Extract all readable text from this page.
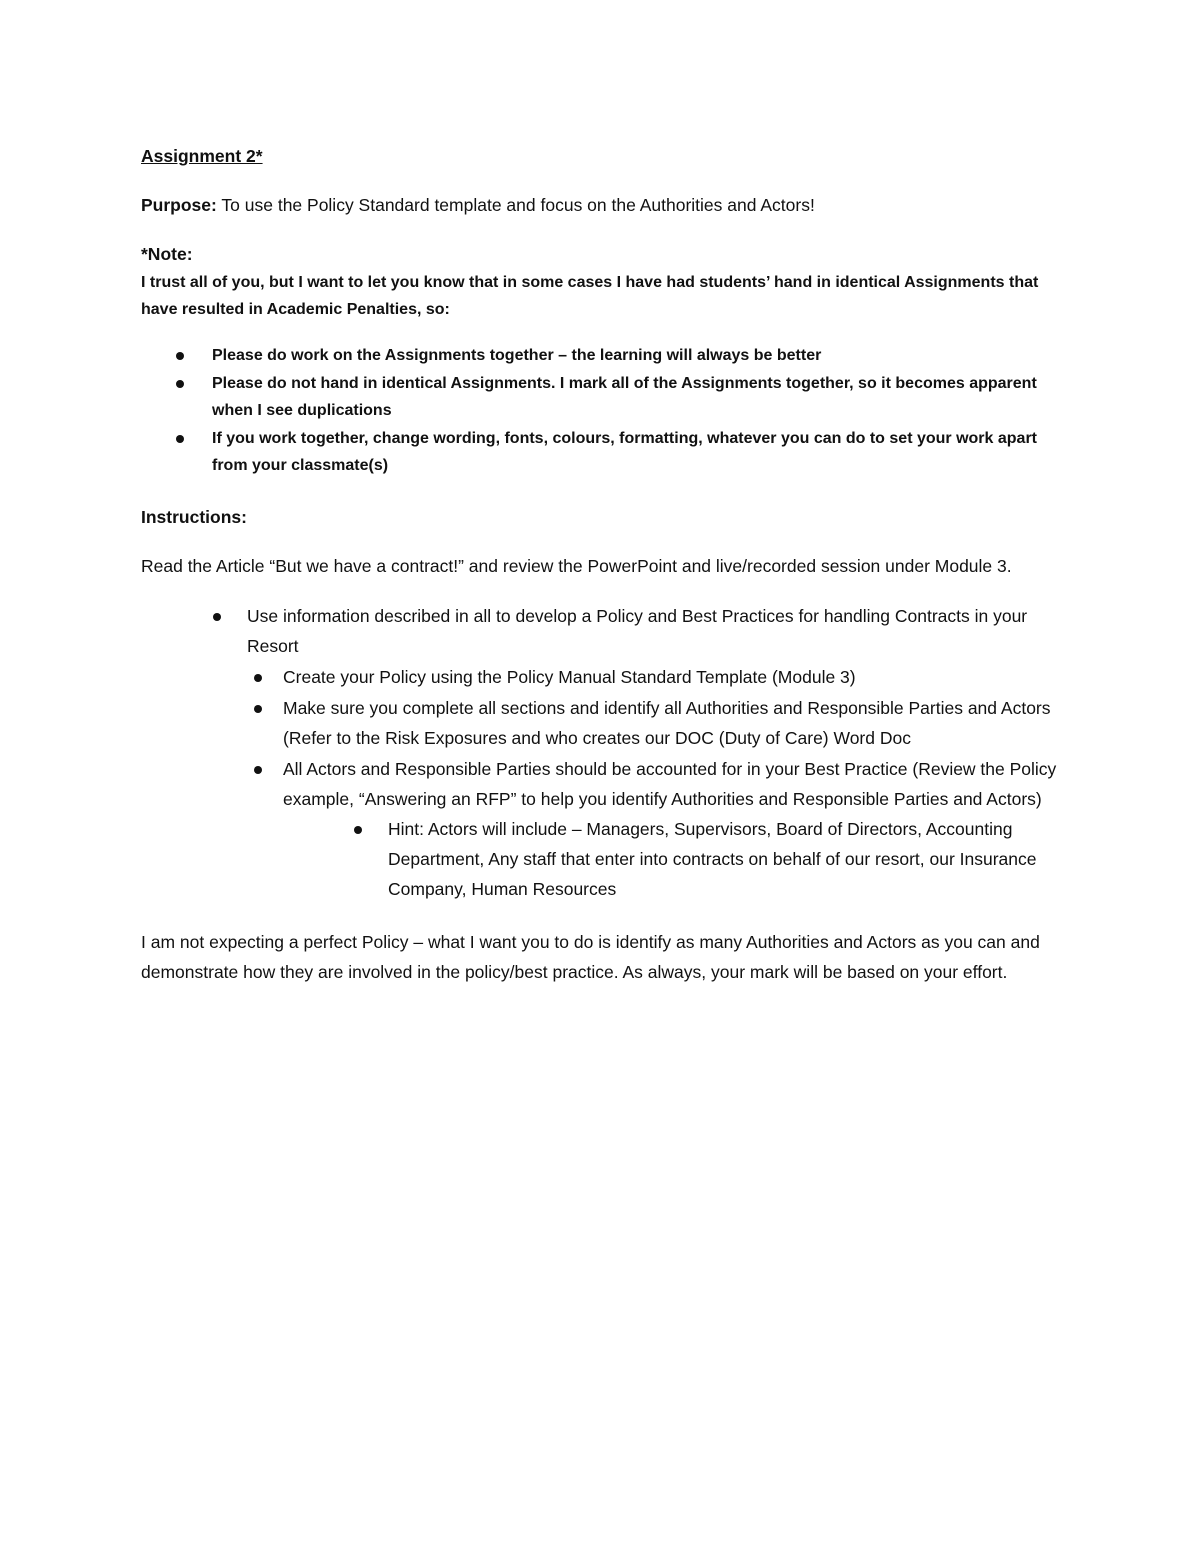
Assignment 2*

Purpose: To use the Policy Standard template and focus on the Authorities and Actors!

*Note:

I trust all of you, but I want to let you know that in some cases I have had students’ hand in identical Assignments that have resulted in Academic Penalties, so:

Please do work on the Assignments together – the learning will always be better
Please do not hand in identical Assignments. I mark all of the Assignments together, so it becomes apparent when I see duplications
If you work together, change wording, fonts, colours, formatting, whatever you can do to set your work apart from your classmate(s)

Instructions:

Read the Article “But we have a contract!” and review the PowerPoint and live/recorded session under Module 3.

Use information described in all to develop a Policy and Best Practices for handling Contracts in your Resort
Create your Policy using the Policy Manual Standard Template (Module 3)
Make sure you complete all sections and identify all Authorities and Responsible Parties and Actors (Refer to the Risk Exposures and who creates our DOC (Duty of Care) Word Doc
All Actors and Responsible Parties should be accounted for in your Best Practice (Review the Policy example, “Answering an RFP” to help you identify Authorities and Responsible Parties and Actors)
Hint: Actors will include – Managers, Supervisors, Board of Directors, Accounting Department, Any staff that enter into contracts on behalf of our resort, our Insurance Company, Human Resources

I am not expecting a perfect Policy – what I want you to do is identify as many Authorities and Actors as you can and demonstrate how they are involved in the policy/best practice. As always, your mark will be based on your effort.
